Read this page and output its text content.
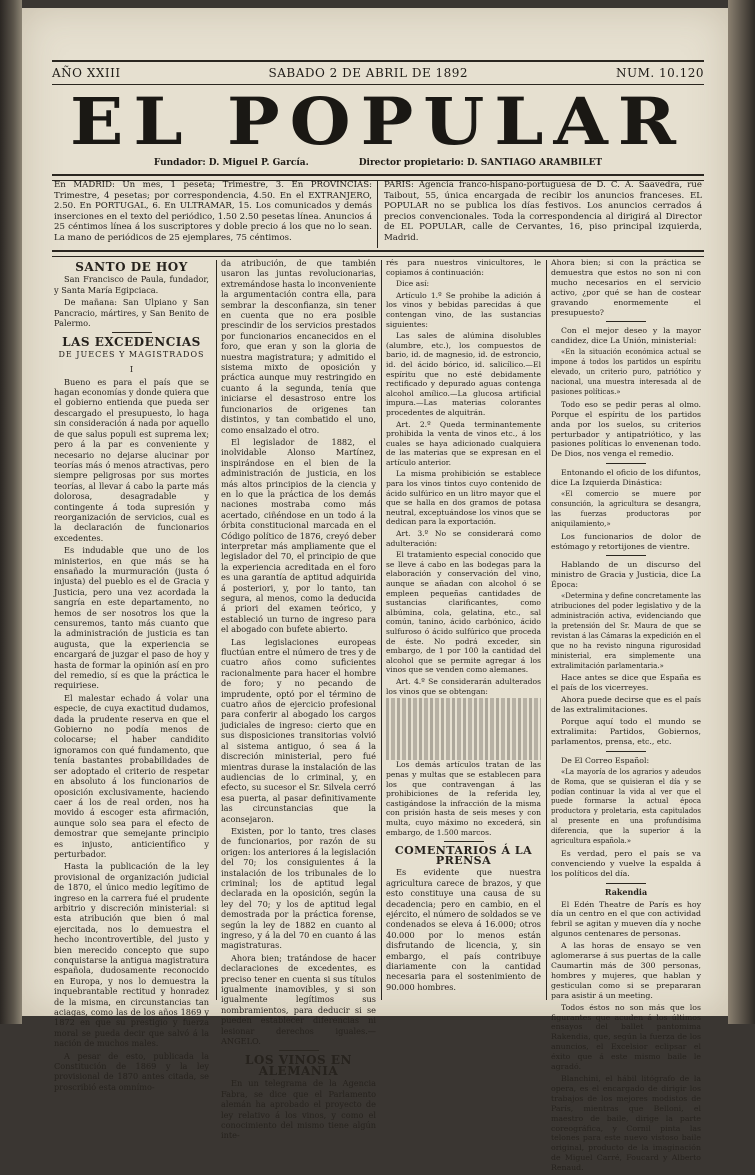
AÑO XXIII	SABADO 2 DE ABRIL DE 1892	NUM. 10.120
EL POPULAR
Fundador: D. Miguel P. García.	Director propietario: D. SANTIAGO ARAMBILET
En MADRID: Un mes, 1 peseta; Trimestre, 3. En PROVINCIAS: Trimestre, 4 pesetas; por correspondencia, 4.50. En el EXTRANJERO, 2.50. En PORTUGAL, 6. En ULTRAMAR, 15. Los comunicados y demás inserciones en el texto del periódico, 1.50 2.50 pesetas línea. Anuncios á 25 céntimos línea á los suscriptores y doble precio á los que no lo sean. La mano de periódicos de 25 ejemplares, 75 céntimos.
PARIS: Agencia franco-hispano-portuguesa de D. C. A. Saavedra, rue Taibout, 55, única encargada de recibir los anuncios franceses. EL POPULAR no se publica los días festivos. Los anuncios cerrados á precios convencionales. Toda la correspondencia al dirigirá al Director de EL POPULAR, calle de Cervantes, 16, piso principal izquierda, Madrid.

SANTO DE HOY

San Francisco de Paula, fundador, y Santa María Egipciaca.

De mañana: San Ulpiano y San Pancracio, mártires, y San Benito de Palermo.

LAS EXCEDENCIAS

DE JUECES Y MAGISTRADOS

I

Bueno es para el país que se hagan economías y donde quiera que el gobierno entienda que pueda ser descargado el presupuesto, lo haga sin consideración á nada por aquello de que salus populi est suprema lex; pero á la par es conveniente y necesario no dejarse alucinar por teorías más ó menos atractivas, pero siempre peligrosas por sus mortes teorías, al llevar á cabo la parte más dolorosa, desagradable y contingente á toda supresión y reorganización de servicios, cual es la declaración de funcionarios excedentes.

Es indudable que uno de los ministerios, en que más se ha ensañado la murmuración (justa ó injusta) del pueblo es el de Gracia y Justicia, pero una vez acordada la sangría en este departamento, no hemos de ser nosotros los que la censuremos, tanto más cuanto que la administración de justicia es tan augusta, que la experiencia se encargará de juzgar el paso de hoy y hasta de formar la opinión así en pro del remedio, sí es que la práctica le requiriese.

El malestar echado á volar una especie, de cuya exactitud dudamos, dada la prudente reserva en que el Gobierno no podía menos de colocarse; el haber candidito ignoramos con qué fundamento, que tenía bastantes probabilidades de ser adoptado el criterio de respetar en absoluto á los funcionarios de oposición exclusivamente, haciendo caer á los de real orden, nos ha movido á escoger esta afirmación, aunque solo sea para el efecto de demostrar que semejante principio es injusto, anticientífico y perturbador.

Hasta la publicación de la ley provisional de organización judicial de 1870, el único medio legítimo de ingreso en la carrera fué el prudente arbitrio y discreción ministerial: si esta atribución que bien ó mal ejercitada, nos lo demuestra el hecho incontrovertible, del justo y bien merecido concepto que supo conquistarse la antigua magistratura española, dudosamente reconocido en Europa, y nos lo demuestra la inquebrantable rectitud y honradez de la misma, en circunstancias tan aciagas, como las de los años 1869 y 1872 en que su prestigio y fuerza moral se pueda decir que salvó á la nación de muchos males.

A pesar de esto, publicada la Constitución de 1869 y la ley provisional de 1870 antes citada, se proscribió esta omnímo-

da atribución, de que también usaron las juntas revolucionarias, extremándose hasta lo inconveniente la argumentación contra ella, para sembrar la desconfianza, sin tener en cuenta que no era posible prescindir de los servicios prestados por funcionarios encanecidos en el foro, que eran y son la gloria de nuestra magistratura; y admitido el sistema mixto de oposición y práctica aunque muy restringido en cuanto á la segunda, tenía que iniciarse el desastroso entre los funcionarios de origenes tan distintos, y tan combatido el uno, como ensalzado el otro.

El legislador de 1882, el inolvidable Alonso Martínez, inspirándose en el bien de la administración de justicia, en los más altos principios de la ciencia y en lo que la práctica de los demás naciones mostraba como más acertado, ciñéndose en un todo á la órbita constitucional marcada en el Código político de 1876, creyó deber interpretar más ampliamente que el legislador del 70, el principio de que la experiencia acreditada en el foro es una garantía de aptitud adquirida á posteriori, y, por lo tanto, tan segura, al menos, como la deducida á priori del examen teórico, y estableció un turno de ingreso para el abogado con bufete abierto.

Las legislaciones europeas fluctúan entre el número de tres y de cuatro años como suficientes racionalmente para hacer el hombre de foro; y no pecando de imprudente, optó por el término de cuatro años de ejercicio profesional para conferir al abogado los cargos judiciales de ingreso: cierto que en sus disposiciones transitorias volvió al sistema antiguo, ó sea á la discreción ministerial, pero fué mientras durase la instalación de las audiencias de lo criminal, y, en efecto, su sucesor el Sr. Silvela cerró esa puerta, al pasar definitivamente las circunstancias que la aconsejaron.

Existen, por lo tanto, tres clases de funcionarios, por razón de su origen: los anteriores á la legislación del 70; los consiguientes á la instalación de los tribunales de lo criminal; los de aptitud legal declarada en la oposición, según la ley del 70; y los de aptitud legal demostrada por la práctica forense, según la ley de 1882 en cuanto al ingreso, y á la del 70 en cuanto á las magistraturas.

Ahora bien; tratándose de hacer declaraciones de excedentes, es preciso tener en cuenta si sus títulos igualmente inamovibles, y si son igualmente legítimos sus nombramientos, para deducir si se pueden establecer diferencias ni lesionar derechos iguales.—ANGELO.

LOS VINOS EN ALEMANIA

En un telegrama de la Agencia Fabra, se dice que el Parlamento alemán ha aprobado el proyecto de ley relativo á los vinos, y como el conocimiento del mismo tiene algún inte-

rés para nuestros vinicultores, le copiamos á continuación:

Dice así:

Artículo 1.º Se prohibe la adición á los vinos y bebidas parecidas á que contengan vino, de las sustancias siguientes:

Las sales de alúmina disolubles (alumbre, etc.), los compuestos de bario, id. de magnesio, id. de estroncio, id. del ácido bórico, id. salicílico.—El espíritu que no esté debidamente rectificado y depurado aguas contenga alcohol amílico.—La glucosa artificial impura.—Las materias colorantes procedentes de alquitrán.

Art. 2.º Queda terminantemente prohibida la venta de vinos etc., á los cuales se haya adicionado cualquiera de las materias que se expresan en el artículo anterior.

La misma prohibición se establece para los vinos tintos cuyo contenido de ácido sulfúrico en un litro mayor que el que se halla en dos gramos de potasa neutral, exceptuándose los vinos que se dedican para la exportación.

Art. 3.º No se considerará como adulteración:

El tratamiento especial conocido que se lleve á cabo en las bodegas para la elaboración y conservación del vino, aunque se añadan con alcohol ó se empleen pequeñas cantidades de sustancias clarificantes, como albúmina, cola, gelatina, etc., sal común, tanino, ácido carbónico, ácido sulfuroso ó ácido sulfúrico que proceda de éste. No podrá exceder, sin embargo, de 1 por 100 la cantidad del alcohol que se permite agregar á los vinos que se venden como alemanes.

Art. 4.º Se considerarán adulterados los vinos que se obtengan:

Los demás artículos tratan de las penas y multas que se establecen para los que contravengan á las prohibiciones de la referida ley, castigándose la infracción de la misma con prisión hasta de seis meses y con multa, cuyo máximo no excederá, sin embargo, de 1.500 marcos.

COMENTARIOS Á LA PRENSA

Es evidente que nuestra agricultura carece de brazos, y que esto constituye una causa de su decadencia; pero en cambio, en el ejército, el número de soldados se ve condenados se eleva á 16.000; otros 40.000 por lo menos están disfrutando de licencia, y, sin embargo, el país contribuye diariamente con la cantidad necesaria para el sostenimiento de 90.000 hombres.

Ahora bien; si con la práctica se demuestra que estos no son ni con mucho necesarios en el servicio activo, ¿por qué se han de costear gravando enormemente el presupuesto?

Con el mejor deseo y la mayor candidez, dice La Unión, ministerial:

«En la situación económica actual se impone á todos los partidos un espíritu elevado, un criterio puro, patriótico y nacional, una muestra interesada al de pasiones políticas.»

Todo eso se pedir peras al olmo. Porque el espíritu de los partidos anda por los suelos, su criterios perturbador y antipatriótico, y las pasiones políticas lo envenenan todo. De Dios, nos venga el remedio.

Entonando el oficio de los difuntos, dice La Izquierda Dinástica:

«El comercio se muere por consunción, la agricultura se desangra, las fuerzas productoras por aniquilamiento,»

Los funcionarios de dolor de estómago y retortijones de vientre.

Hablando de un discurso del ministro de Gracia y Justicia, dice La Época:

«Determina y define concretamente las atribuciones del poder legislativo y de la administración activa, evidenciando que la pretensión del Sr. Maura de que se revistan á las Cámaras la expedición en el que no ha revisto ninguna rigurosidad ministerial, era simplemente una extralimitación parlamentaria.»

Hace antes se dice que España es el país de los vicerreyes.

Ahora puede decirse que es el país de las extralimitaciones.

Porque aquí todo el mundo se extralimita: Partidos, Gobiernos, parlamentos, prensa, etc., etc.

De El Correo Español:

«La mayoría de los agrarios y adeudos de Roma, que se quisieran el día y se podían continuar la vida al ver que el puede formarse la actual época productora y proletaria, esta capitulados al presente en una profundísima diferencia, que la superior á la agricultura española.»

Es verdad, pero el país se va convenciendo y vuelve la espalda á los políticos del día.

Rakendia

El Edén Theatre de París es hoy día un centro en el que con actividad febril se agitan y mueven día y noche algunos centenares de personas.

A las horas de ensayo se ven aglomerarse á sus puertas de la calle Caumartin más de 300 personas, hombres y mujeres, que hablan y gesticulan como si se prepararan para asistir á un meeting.

Todos éstos no son más que los figurantes que acuden á los últimos ensayos del ballet pantomima Rakendia, que, según la fuerza de los anuncios, el Excelsior eclipsar el éxito que á este mismo baile le agradó.

Blanchini, el hábil litógrafo de la opera, es el encargado de dirigir los trabajos de los mejores modistos de París, mientras que Belloni, el maestro de baile, dirige la parte coreográfica, y Cornil pinta las telones para este nuevo vistoso baile original, producto de la imaginación de Miguel Carré, Foucard y Alberto Renaud.
